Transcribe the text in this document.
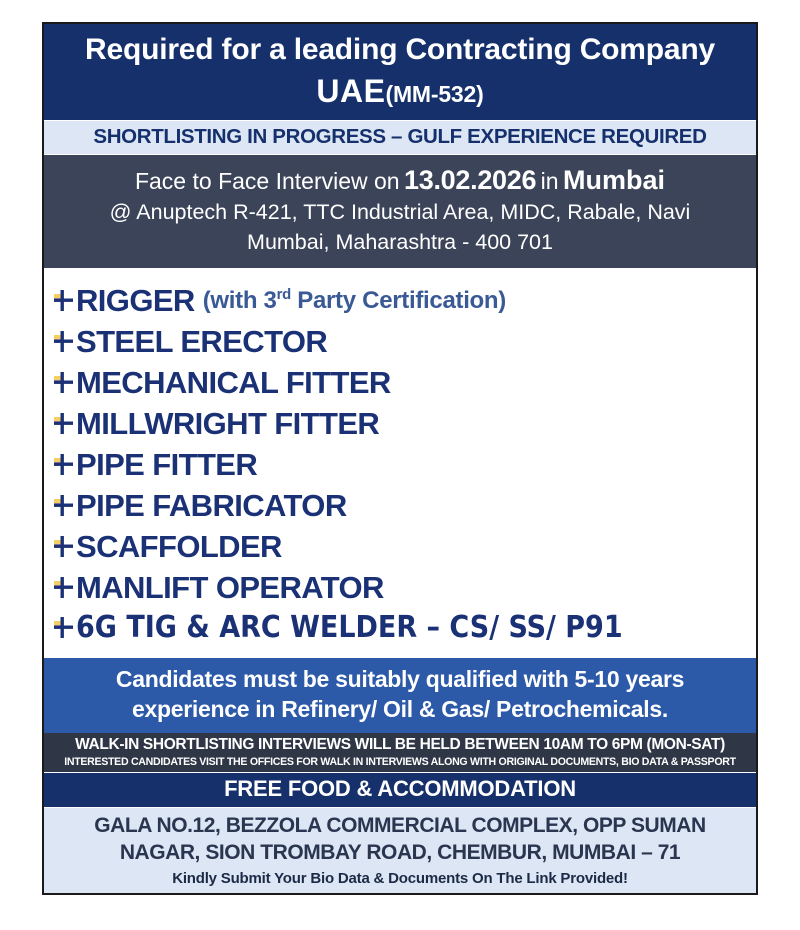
Required for a leading Contracting Company
UAE(MM-532)
SHORTLISTING IN PROGRESS – GULF EXPERIENCE REQUIRED
Face to Face Interview on 13.02.2026 in Mumbai
@ Anuptech R-421, TTC Industrial Area, MIDC, Rabale, Navi
Mumbai, Maharashtra - 400 701
RIGGER (with 3rd Party Certification)
STEEL ERECTOR
MECHANICAL FITTER
MILLWRIGHT FITTER
PIPE FITTER
PIPE FABRICATOR
SCAFFOLDER
MANLIFT OPERATOR
6G TIG & ARC WELDER – CS/ SS/ P91
Candidates must be suitably qualified with 5-10 years
experience in Refinery/ Oil & Gas/ Petrochemicals.
WALK-IN SHORTLISTING INTERVIEWS WILL BE HELD BETWEEN 10AM TO 6PM (MON-SAT)
INTERESTED CANDIDATES VISIT THE OFFICES FOR WALK IN INTERVIEWS ALONG WITH ORIGINAL DOCUMENTS, BIO DATA & PASSPORT
FREE FOOD & ACCOMMODATION
GALA NO.12, BEZZOLA COMMERCIAL COMPLEX, OPP SUMAN
NAGAR, SION TROMBAY ROAD, CHEMBUR, MUMBAI – 71
Kindly Submit Your Bio Data & Documents On The Link Provided!
